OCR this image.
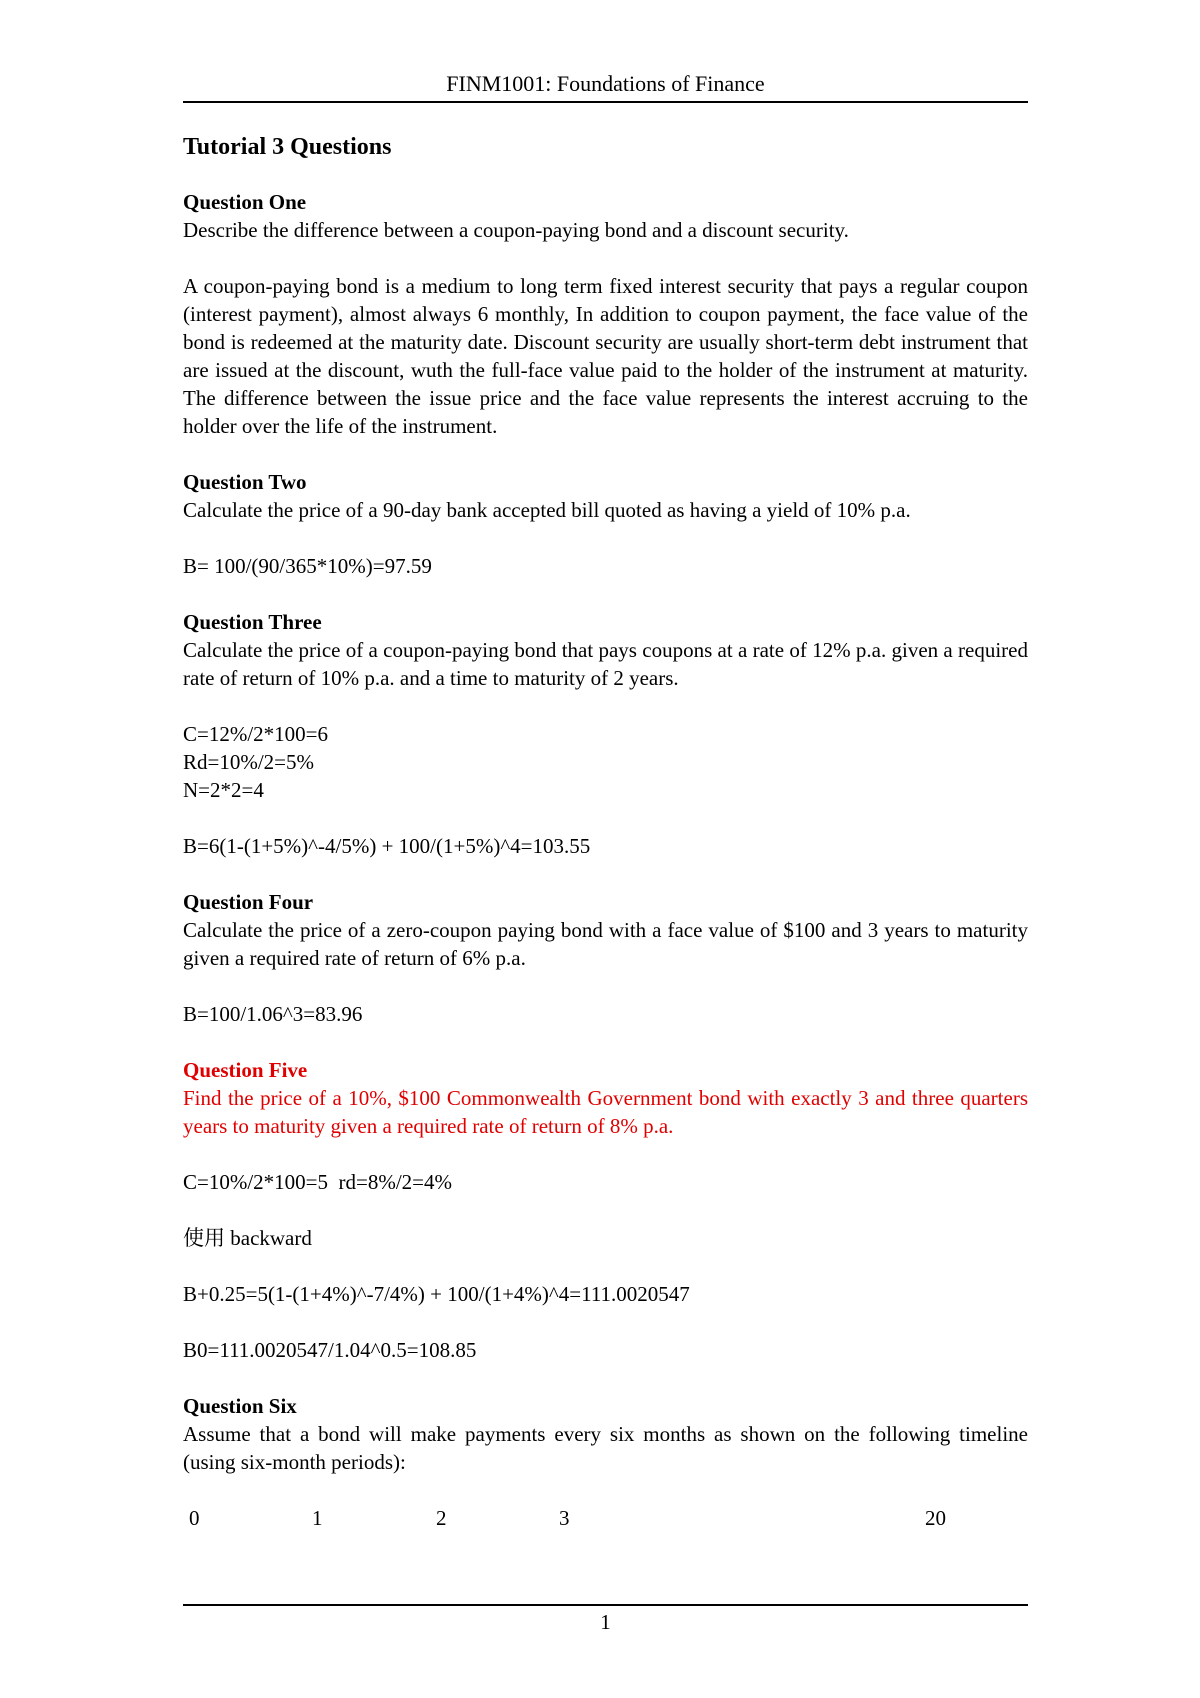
FINM1001: Foundations of Finance

Tutorial 3 Questions

Question One

Describe the difference between a coupon-paying bond and a discount security.

A coupon-paying bond is a medium to long term fixed interest security that pays a regular coupon (interest payment), almost always 6 monthly, In addition to coupon payment, the face value of the bond is redeemed at the maturity date. Discount security are usually short-term debt instrument that are issued at the discount, wuth the full-face value paid to the holder of the instrument at maturity. The difference between the issue price and the face value represents the interest accruing to the holder over the life of the instrument.

Question Two

Calculate the price of a 90-day bank accepted bill quoted as having a yield of 10% p.a.

B= 100/(90/365*10%)=97.59

Question Three

Calculate the price of a coupon-paying bond that pays coupons at a rate of 12% p.a. given a required rate of return of 10% p.a. and a time to maturity of 2 years.

C=12%/2*100=6

Rd=10%/2=5%

N=2*2=4

B=6(1-(1+5%)^-4/5%) + 100/(1+5%)^4=103.55

Question Four

Calculate the price of a zero-coupon paying bond with a face value of $100 and 3 years to maturity given a required rate of return of 6% p.a.

B=100/1.06^3=83.96

Question Five

Find the price of a 10%, $100 Commonwealth Government bond with exactly 3 and three quarters years to maturity given a required rate of return of 8% p.a.

C=10%/2*100=5  rd=8%/2=4%

使用 backward

B+0.25=5(1-(1+4%)^-7/4%) + 100/(1+4%)^4=111.0020547

B0=111.0020547/1.04^0.5=108.85

Question Six

Assume that a bond will make payments every six months as shown on the following timeline (using six-month periods):

0	1	2	3	20
1
